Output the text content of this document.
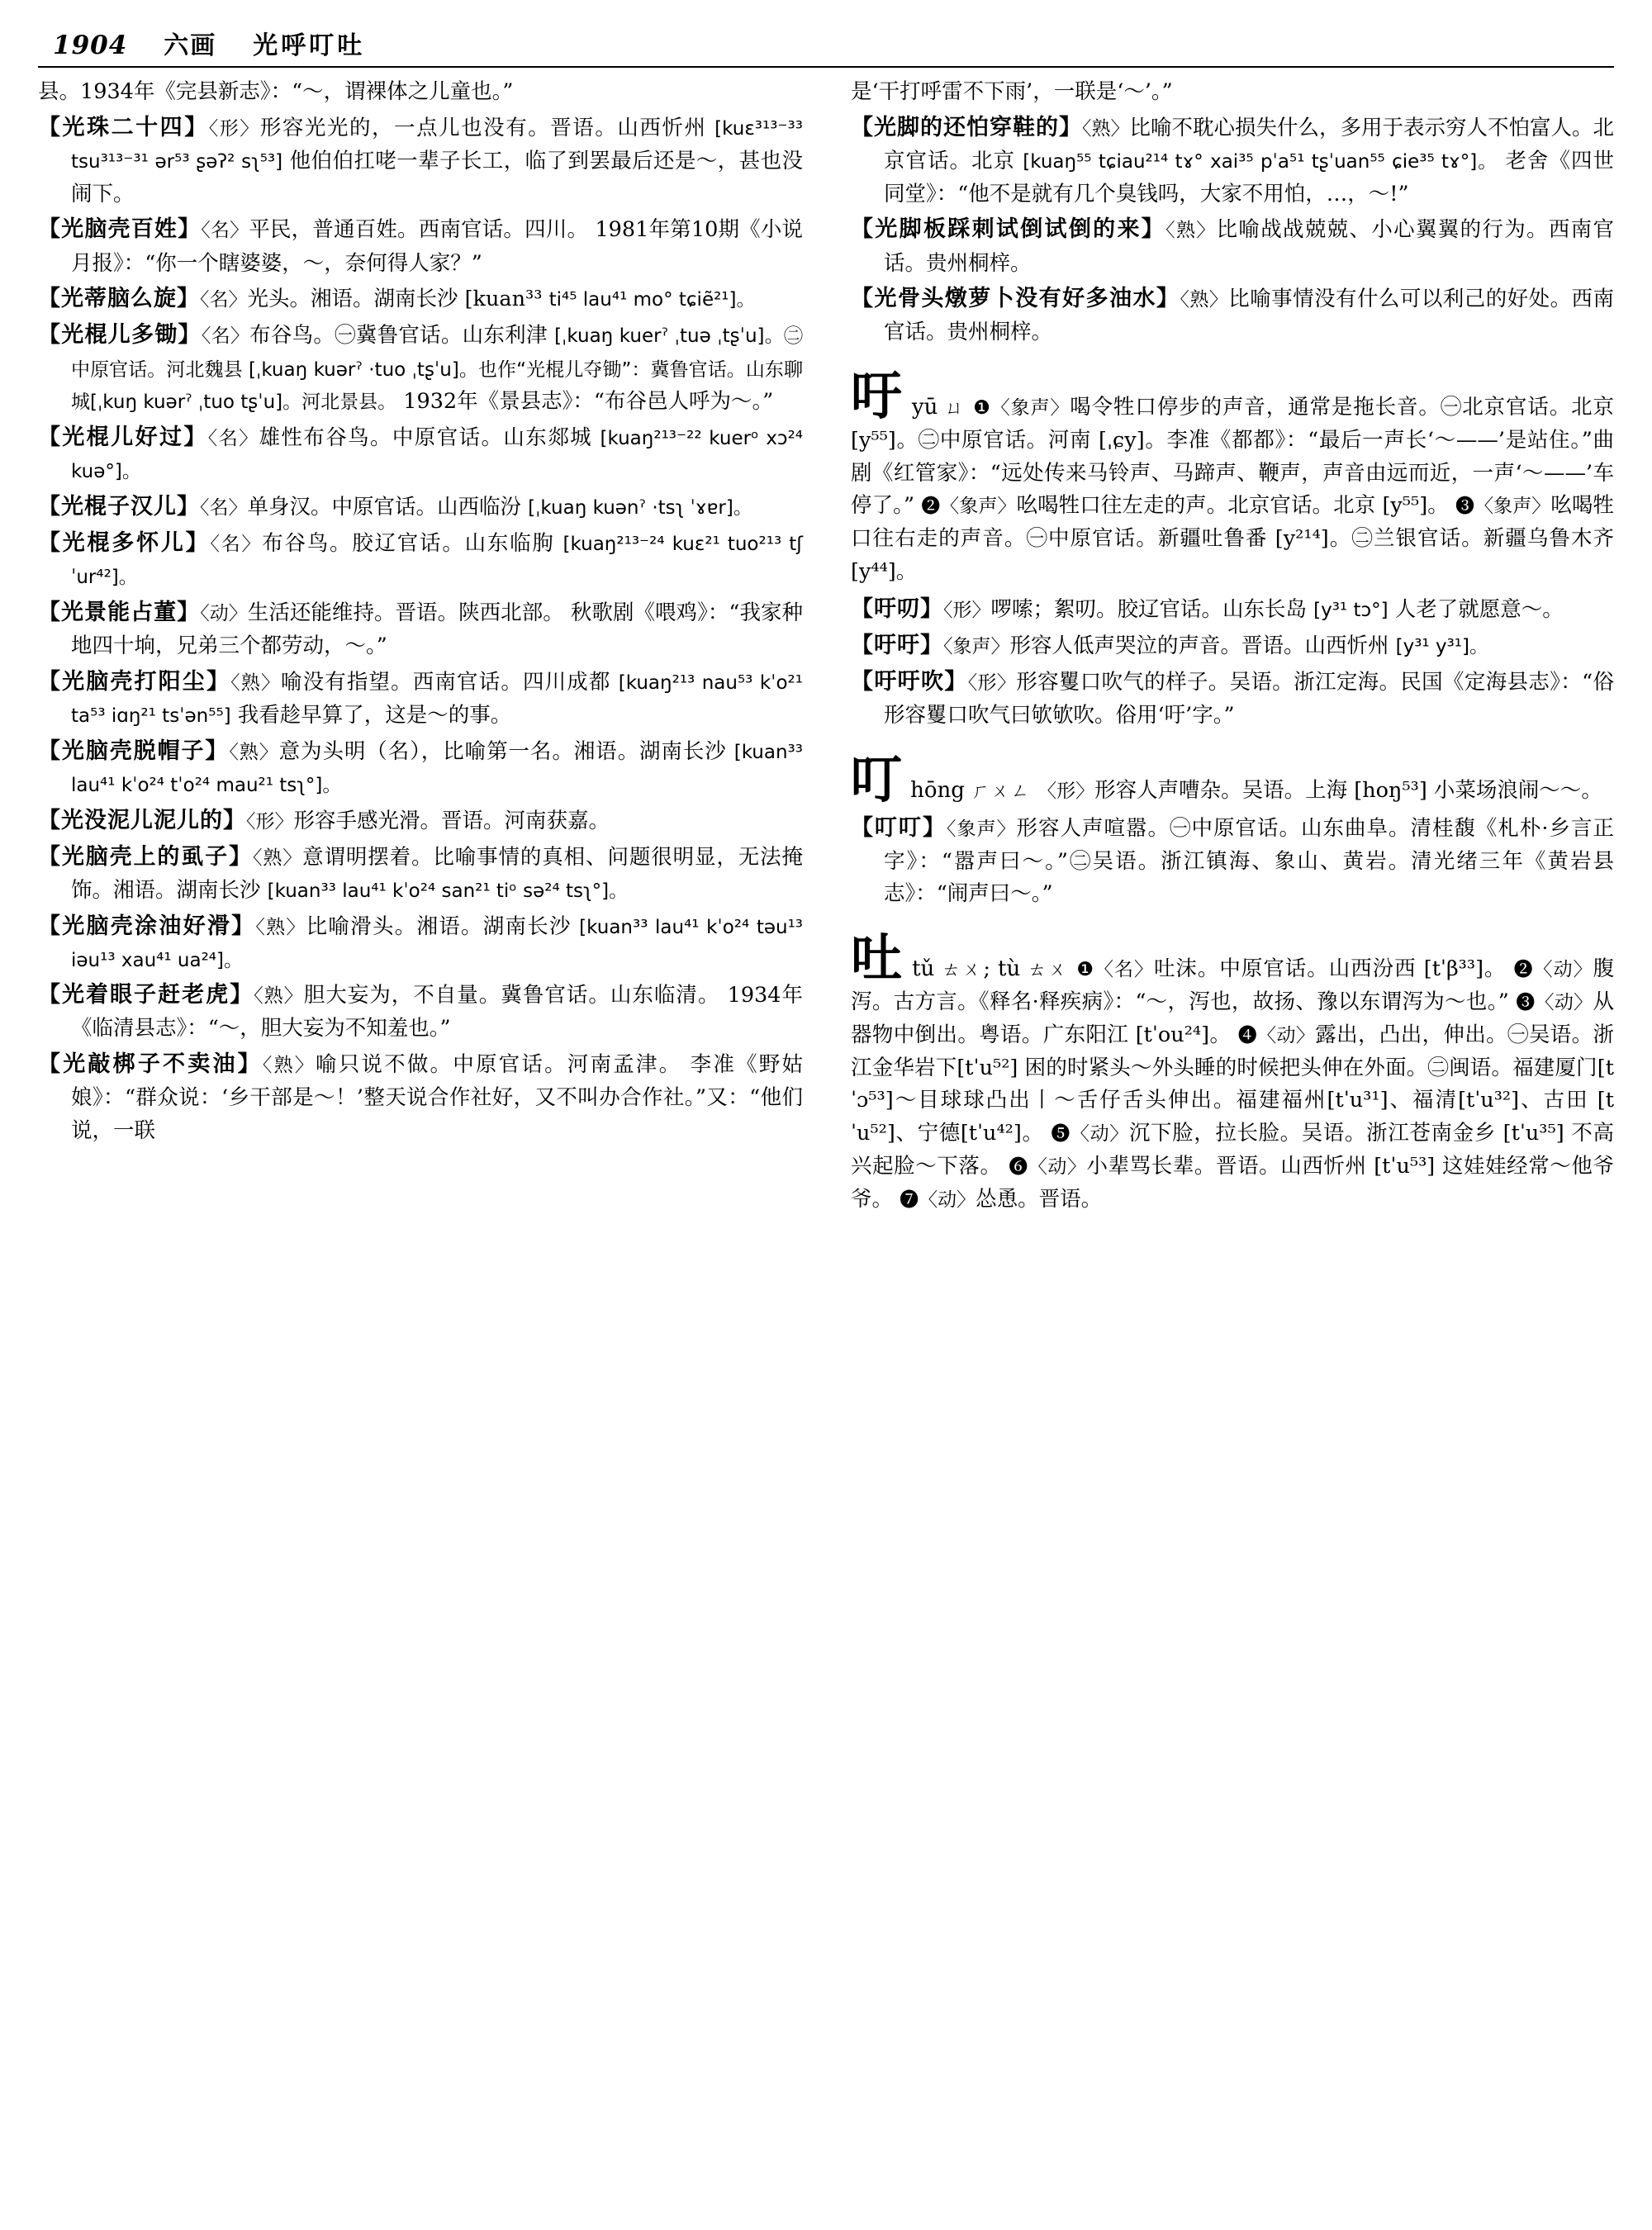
1904 六画 光呼叮吐
县。1934年《完县新志》：“～，谓裸体之儿童也。”
【光珠二十四】〈形〉形容光光的，一点儿也没有。晋语。山西忻州 [kuɛ³¹³⁻³³ tsu³¹³⁻³¹ ər⁵³ ʂəʔ² sʅ⁵³] 他伯伯扛咾一辈子长工，临了到罢最后还是～，甚也没闹下。
【光脑壳百姓】〈名〉平民，普通百姓。西南官话。四川。 1981年第10期《小说月报》：“你一个瞎婆婆，～，奈何得人家？”
【光蒂脑么旋】〈名〉光头。湘语。湖南长沙 [kuan³³ ti⁴⁵ lau⁴¹ mo° tɕiẽ²¹]。
【光棍儿多锄】〈名〉布谷鸟。㊀冀鲁官话。山东利津 [ˌkuaŋ kuerˀ ˌtuə ˌtʂˈu]。㊁中原官话。河北魏县 [ˌkuaŋ kuərˀ ·tuo ˌtʂˈu]。也作“光棍儿夺锄”：冀鲁官话。山东聊城[ˌkuŋ kuərˀ ˌtuo tʂˈu]。河北景县。 1932年《景县志》：“布谷邑人呼为～。”
【光棍儿好过】〈名〉雄性布谷鸟。中原官话。山东郯城 [kuaŋ²¹³⁻²² kuerᵒ xɔ²⁴ kuə°]。
【光棍子汉儿】〈名〉单身汉。中原官话。山西临汾 [ˌkuaŋ kuənˀ ·tsʅ ˈɤɐr]。
【光棍多怀儿】〈名〉布谷鸟。胶辽官话。山东临朐 [kuaŋ²¹³⁻²⁴ kuɛ²¹ tuo²¹³ tʃˈur⁴²]。
【光景能占董】〈动〉生活还能维持。晋语。陕西北部。 秋歌剧《喂鸡》：“我家种地四十垧，兄弟三个都劳动，～。”
【光脑壳打阳尘】〈熟〉喻没有指望。西南官话。四川成都 [kuaŋ²¹³ nau⁵³ kˈo²¹ ta⁵³ iɑŋ²¹ tsˈən⁵⁵] 我看趁早算了，这是～的事。
【光脑壳脱帽子】〈熟〉意为头明（名），比喻第一名。湘语。湖南长沙 [kuan³³ lau⁴¹ kˈo²⁴ tˈo²⁴ mau²¹ tsʅ°]。
【光没泥儿泥儿的】〈形〉形容手感光滑。晋语。河南获嘉。
【光脑壳上的虱子】〈熟〉意谓明摆着。比喻事情的真相、问题很明显，无法掩饰。湘语。湖南长沙 [kuan³³ lau⁴¹ kˈo²⁴ san²¹ tiᵒ sə²⁴ tsʅ°]。
【光脑壳涂油好滑】〈熟〉比喻滑头。湘语。湖南长沙 [kuan³³ lau⁴¹ kˈo²⁴ təu¹³ iəu¹³ xau⁴¹ ua²⁴]。
【光着眼子赶老虎】〈熟〉胆大妄为，不自量。冀鲁官话。山东临清。 1934年《临清县志》：“～，胆大妄为不知羞也。”
【光敲梆子不卖油】〈熟〉喻只说不做。中原官话。河南孟津。 李准《野姑娘》：“群众说：‘乡干部是～！’整天说合作社好，又不叫办合作社。”又：“他们说，一联
是‘干打呼雷不下雨’，一联是‘～’。”
【光脚的还怕穿鞋的】〈熟〉比喻不耽心损失什么，多用于表示穷人不怕富人。北京官话。北京 [kuaŋ⁵⁵ tɕiau²¹⁴ tɤ° xai³⁵ pˈa⁵¹ tʂˈuan⁵⁵ ɕie³⁵ tɤ°]。 老舍《四世同堂》：“他不是就有几个臭钱吗，大家不用怕，…，～!”
【光脚板踩刺试倒试倒的来】〈熟〉比喻战战兢兢、小心翼翼的行为。西南官话。贵州桐梓。
【光骨头燉萝卜没有好多油水】〈熟〉比喻事情没有什么可以利己的好处。西南官话。贵州桐梓。
吁 yū ㄩ ❶〈象声〉喝令牲口停步的声音，通常是拖长音。㊀北京官话。北京 [y⁵⁵]。㊁中原官话。河南 [ˌɕy]。李准《都都》：“最后一声长‘～——’是站住。”曲剧《红管家》：“远处传来马铃声、马蹄声、鞭声，声音由远而近，一声‘～——’车停了。” ❷〈象声〉吆喝牲口往左走的声。北京官话。北京 [y⁵⁵]。 ❸〈象声〉吆喝牲口往右走的声音。㊀中原官话。新疆吐鲁番 [y²¹⁴]。㊁兰银官话。新疆乌鲁木齐 [y⁴⁴]。
【吁叨】〈形〉啰嗦；絮叨。胶辽官话。山东长岛 [y³¹ tɔ°] 人老了就愿意～。
【吁吁】〈象声〉形容人低声哭泣的声音。晋语。山西忻州 [y³¹ y³¹]。
【吁吁吹】〈形〉形容矍口吹气的样子。吴语。浙江定海。民国《定海县志》：“俗形容矍口吹气曰欨欨吹。俗用‘吁’字。”
叮 hōng ㄏㄨㄥ 〈形〉形容人声嘈杂。吴语。上海 [hoŋ⁵³] 小菜场浪闹～～。
【叮叮】〈象声〉形容人声喧嚣。㊀中原官话。山东曲阜。清桂馥《札朴·乡言正字》：“嚣声曰～。”㊁吴语。浙江镇海、象山、黄岩。清光绪三年《黄岩县志》：“闹声曰～。”
吐 tǔ ㄊㄨ; tù ㄊㄨ ❶〈名〉吐沫。中原官话。山西汾西 [tˈβ³³]。 ❷〈动〉腹泻。古方言。《释名·释疾病》：“～，泻也，故扬、豫以东谓泻为～也。” ❸〈动〉从器物中倒出。粤语。广东阳江 [tˈou²⁴]。 ❹〈动〉露出，凸出，伸出。㊀吴语。浙江金华岩下[tˈu⁵²] 困的时紧头～外头睡的时候把头伸在外面。㊁闽语。福建厦门[tˈɔ⁵³]～目球球凸出丨～舌仔舌头伸出。福建福州[tˈu³¹]、福清[tˈu³²]、古田 [tˈu⁵²]、宁德[tˈu⁴²]。 ❺〈动〉沉下脸，拉长脸。吴语。浙江苍南金乡 [tˈu³⁵] 不高兴起脸～下落。 ❻〈动〉小辈骂长辈。晋语。山西忻州 [tˈu⁵³] 这娃娃经常～他爷爷。 ❼〈动〉怂恿。晋语。
